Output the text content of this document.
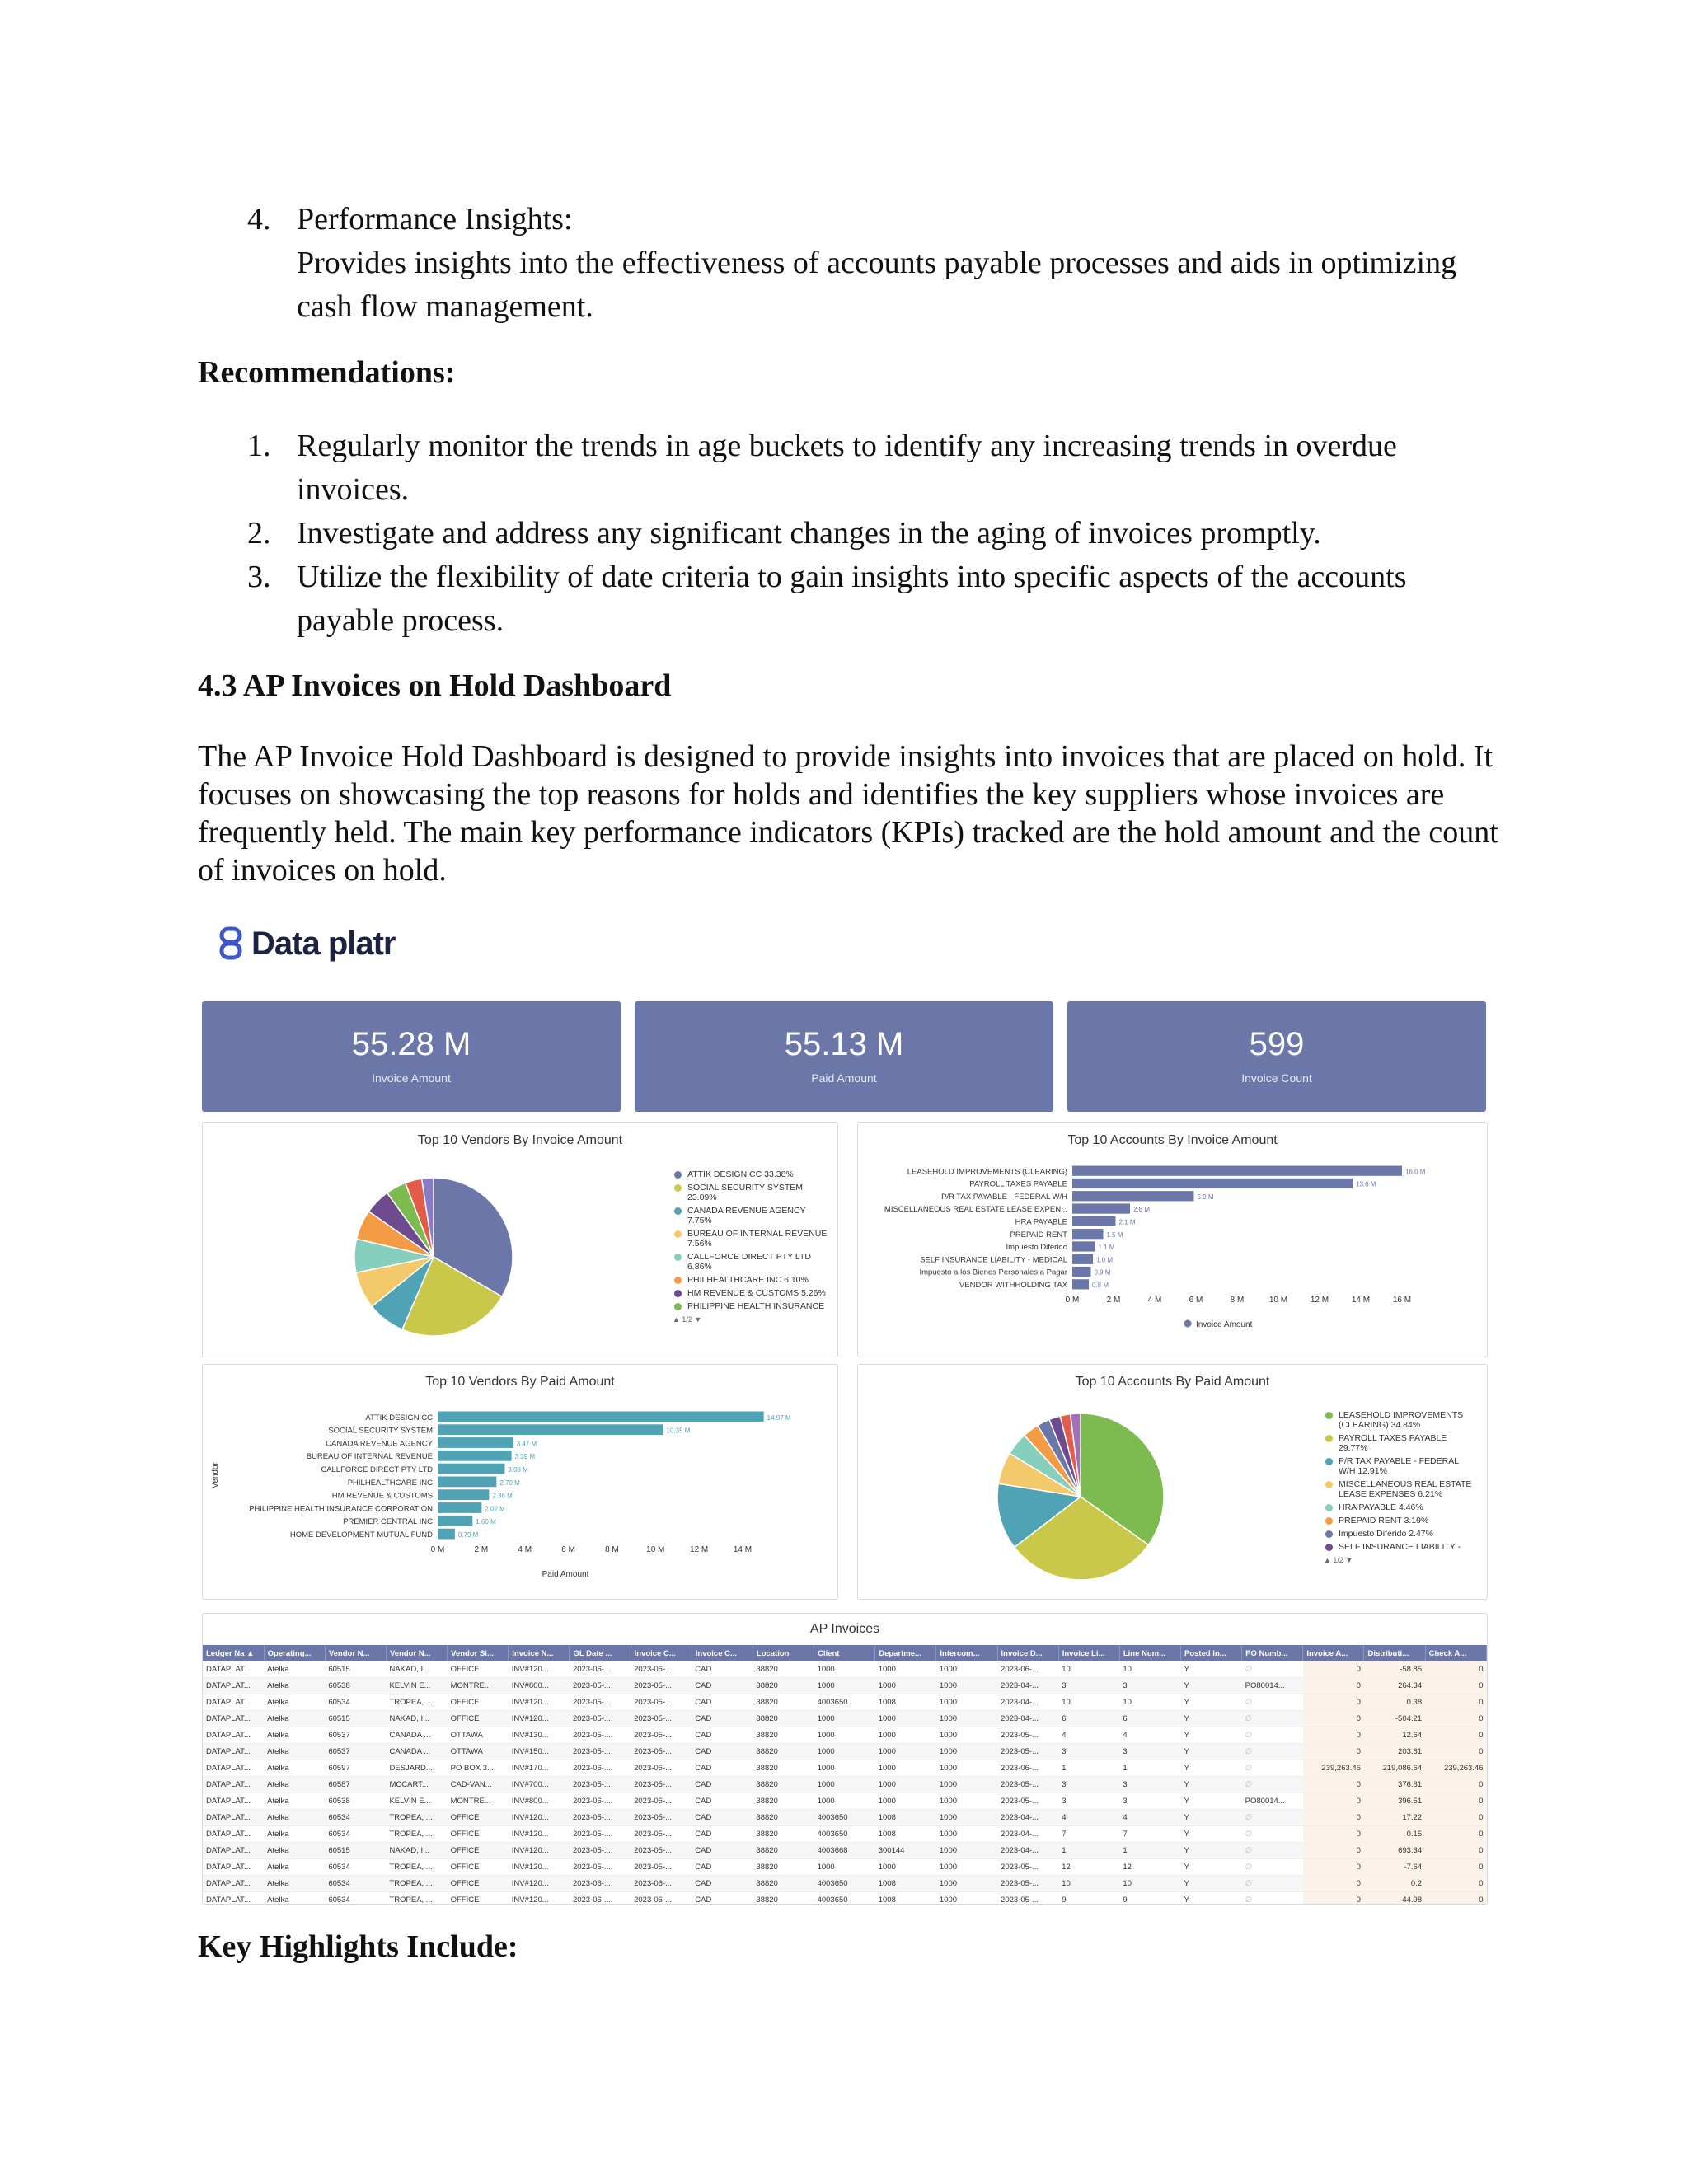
4. Performance Insights:
Provides insights into the effectiveness of accounts payable processes and aids in optimizing cash flow management.
Recommendations:
1. Regularly monitor the trends in age buckets to identify any increasing trends in overdue invoices.
2. Investigate and address any significant changes in the aging of invoices promptly.
3. Utilize the flexibility of date criteria to gain insights into specific aspects of the accounts payable process.
4.3 AP Invoices on Hold Dashboard
The AP Invoice Hold Dashboard is designed to provide insights into invoices that are placed on hold. It focuses on showcasing the top reasons for holds and identifies the key suppliers whose invoices are frequently held. The main key performance indicators (KPIs) tracked are the hold amount and the count of invoices on hold.
Data platr
55.28 M
Invoice Amount
55.13 M
Paid Amount
599
Invoice Count
Top 10 Vendors By Invoice Amount
ATTIK DESIGN CC 33.38%
SOCIAL SECURITY SYSTEM
23.09%
CANADA REVENUE AGENCY
7.75%
BUREAU OF INTERNAL REVENUE
7.56%
CALLFORCE DIRECT PTY LTD
6.86%
PHILHEALTHCARE INC 6.10%
HM REVENUE & CUSTOMS 5.26%
PHILIPPINE HEALTH INSURANCE
▲ 1/2 ▼
Top 10 Accounts By Invoice Amount
LEASEHOLD IMPROVEMENTS (CLEARING)	16.0 M
PAYROLL TAXES PAYABLE	13.6 M
P/R TAX PAYABLE - FEDERAL W/H	5.9 M
MISCELLANEOUS REAL ESTATE LEASE EXPEN...	2.8 M
HRA PAYABLE	2.1 M
PREPAID RENT	1.5 M
Impuesto Diferido	1.1 M
SELF INSURANCE LIABILITY - MEDICAL	1.0 M
Impuesto a los Bienes Personales a Pagar	0.9 M
VENDOR WITHHOLDING TAX	0.8 M
0 M	2 M	4 M	6 M	8 M	10 M	12 M	14 M	16 M
Invoice Amount
Top 10 Vendors By Paid Amount
ATTIK DESIGN CC	14.97 M
SOCIAL SECURITY SYSTEM	10.35 M
CANADA REVENUE AGENCY	3.47 M
BUREAU OF INTERNAL REVENUE	3.39 M
CALLFORCE DIRECT PTY LTD	3.08 M
PHILHEALTHCARE INC	2.70 M
HM REVENUE & CUSTOMS	2.36 M
PHILIPPINE HEALTH INSURANCE CORPORATION	2.02 M
PREMIER CENTRAL INC	1.60 M
HOME DEVELOPMENT MUTUAL FUND	0.79 M
0 M	2 M	4 M	6 M	8 M	10 M	12 M	14 M
Paid Amount
Vendor
Top 10 Accounts By Paid Amount
LEASEHOLD IMPROVEMENTS
(CLEARING) 34.84%
PAYROLL TAXES PAYABLE
29.77%
P/R TAX PAYABLE - FEDERAL
W/H 12.91%
MISCELLANEOUS REAL ESTATE
LEASE EXPENSES 6.21%
HRA PAYABLE 4.46%
PREPAID RENT 3.19%
Impuesto Diferido 2.47%
SELF INSURANCE LIABILITY -
▲ 1/2 ▼
AP Invoices
Ledger Na ▲	Operating...	Vendor N...	Vendor N...	Vendor Si...	Invoice N...	GL Date ...	Invoice C...	Invoice C...	Location	Client	Departme...	Intercom...	Invoice D...	Invoice Li...	Line Num...	Posted In...	PO Numb...	Invoice A...	Distributi...	Check A...
DATAPLAT...	Atelka	60515	NAKAD, I...	OFFICE	INV#120...	2023-06-...	2023-06-...	CAD	38820	1000	1000	1000	2023-06-...	10	10	Y	∅	0	-58.85	0
DATAPLAT...	Atelka	60538	KELVIN E...	MONTRE...	INV#800...	2023-05-...	2023-05-...	CAD	38820	1000	1000	1000	2023-04-...	3	3	Y	PO80014...	0	264.34	0
DATAPLAT...	Atelka	60534	TROPEA, ...	OFFICE	INV#120...	2023-05-...	2023-05-...	CAD	38820	4003650	1008	1000	2023-04-...	10	10	Y	∅	0	0.38	0
DATAPLAT...	Atelka	60515	NAKAD, I...	OFFICE	INV#120...	2023-05-...	2023-05-...	CAD	38820	1000	1000	1000	2023-04-...	6	6	Y	∅	0	-504.21	0
DATAPLAT...	Atelka	60537	CANADA ...	OTTAWA	INV#130...	2023-05-...	2023-05-...	CAD	38820	1000	1000	1000	2023-05-...	4	4	Y	∅	0	12.64	0
DATAPLAT...	Atelka	60537	CANADA ...	OTTAWA	INV#150...	2023-05-...	2023-05-...	CAD	38820	1000	1000	1000	2023-05-...	3	3	Y	∅	0	203.61	0
DATAPLAT...	Atelka	60597	DESJARD...	PO BOX 3...	INV#170...	2023-06-...	2023-06-...	CAD	38820	1000	1000	1000	2023-06-...	1	1	Y	∅	239,263.46	219,086.64	239,263.46
DATAPLAT...	Atelka	60587	MCCART...	CAD-VAN...	INV#700...	2023-05-...	2023-05-...	CAD	38820	1000	1000	1000	2023-05-...	3	3	Y	∅	0	376.81	0
DATAPLAT...	Atelka	60538	KELVIN E...	MONTRE...	INV#800...	2023-06-...	2023-06-...	CAD	38820	1000	1000	1000	2023-05-...	3	3	Y	PO80014...	0	396.51	0
DATAPLAT...	Atelka	60534	TROPEA, ...	OFFICE	INV#120...	2023-05-...	2023-05-...	CAD	38820	4003650	1008	1000	2023-04-...	4	4	Y	∅	0	17.22	0
DATAPLAT...	Atelka	60534	TROPEA, ...	OFFICE	INV#120...	2023-05-...	2023-05-...	CAD	38820	4003650	1008	1000	2023-04-...	7	7	Y	∅	0	0.15	0
DATAPLAT...	Atelka	60515	NAKAD, I...	OFFICE	INV#120...	2023-05-...	2023-05-...	CAD	38820	4003668	300144	1000	2023-04-...	1	1	Y	∅	0	693.34	0
DATAPLAT...	Atelka	60534	TROPEA, ...	OFFICE	INV#120...	2023-05-...	2023-05-...	CAD	38820	1000	1000	1000	2023-05-...	12	12	Y	∅	0	-7.64	0
DATAPLAT...	Atelka	60534	TROPEA, ...	OFFICE	INV#120...	2023-06-...	2023-06-...	CAD	38820	4003650	1008	1000	2023-05-...	10	10	Y	∅	0	0.2	0
DATAPLAT...	Atelka	60534	TROPEA, ...	OFFICE	INV#120...	2023-06-...	2023-06-...	CAD	38820	4003650	1008	1000	2023-05-...	9	9	Y	∅	0	44.98	0
Key Highlights Include:
